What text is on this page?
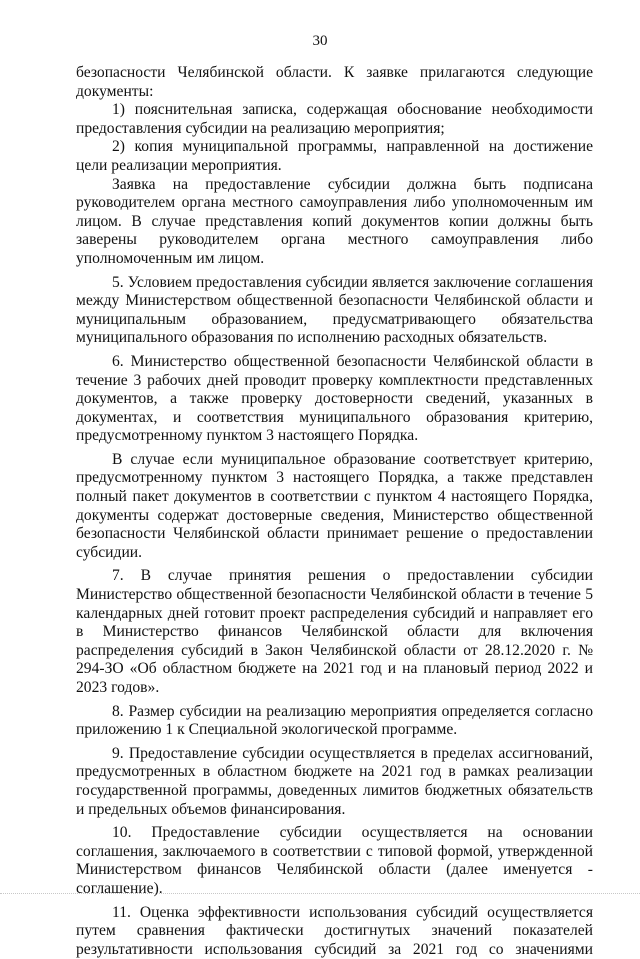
30

безопасности Челябинской области. К заявке прилагаются следующие документы:

1) пояснительная записка, содержащая обоснование необходимости предоставления субсидии на реализацию мероприятия;

2) копия муниципальной программы, направленной на достижение цели реализации мероприятия.

Заявка на предоставление субсидии должна быть подписана руководителем органа местного самоуправления либо уполномоченным им лицом. В случае представления копий документов копии должны быть заверены руководителем органа местного самоуправления либо уполномоченным им лицом.

5. Условием предоставления субсидии является заключение соглашения между Министерством общественной безопасности Челябинской области и муниципальным образованием, предусматривающего обязательства муниципального образования по исполнению расходных обязательств.

6. Министерство общественной безопасности Челябинской области в течение 3 рабочих дней проводит проверку комплектности представленных документов, а также проверку достоверности сведений, указанных в документах, и соответствия муниципального образования критерию, предусмотренному пунктом 3 настоящего Порядка.

В случае если муниципальное образование соответствует критерию, предусмотренному пунктом 3 настоящего Порядка, а также представлен полный пакет документов в соответствии с пунктом 4 настоящего Порядка, документы содержат достоверные сведения, Министерство общественной безопасности Челябинской области принимает решение о предоставлении субсидии.

7. В случае принятия решения о предоставлении субсидии Министерство общественной безопасности Челябинской области в течение 5 календарных дней готовит проект распределения субсидий и направляет его в Министерство финансов Челябинской области для включения распределения субсидий в Закон Челябинской области от 28.12.2020 г. № 294-ЗО «Об областном бюджете на 2021 год и на плановый период 2022 и 2023 годов».

8. Размер субсидии на реализацию мероприятия определяется согласно приложению 1 к Специальной экологической программе.

9. Предоставление субсидии осуществляется в пределах ассигнований, предусмотренных в областном бюджете на 2021 год в рамках реализации государственной программы, доведенных лимитов бюджетных обязательств и предельных объемов финансирования.

10. Предоставление субсидии осуществляется на основании соглашения, заключаемого в соответствии с типовой формой, утвержденной Министерством финансов Челябинской области (далее именуется - соглашение).

11. Оценка эффективности использования субсидий осуществляется путем сравнения фактически достигнутых значений показателей результативности использования субсидий за 2021 год со значениями
